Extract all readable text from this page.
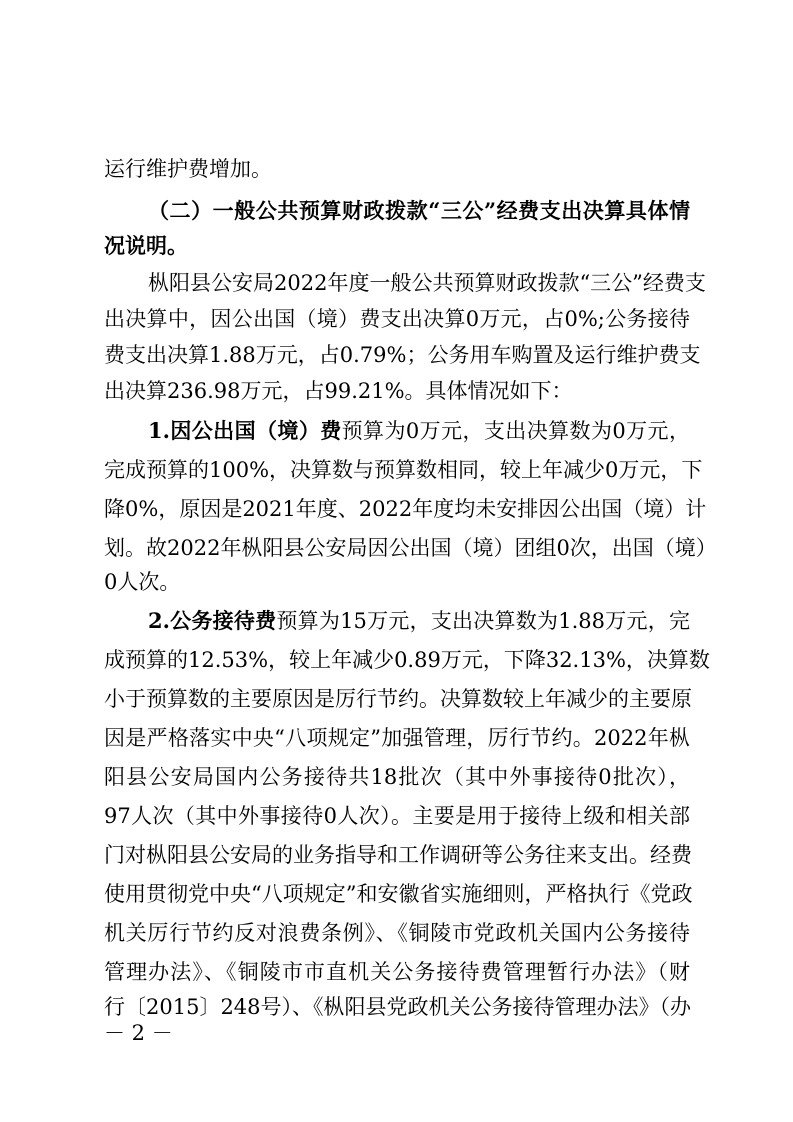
运行维护费增加。
（二）一般公共预算财政拨款“三公”经费支出决算具体情
况说明。
枞阳县公安局2022年度一般公共预算财政拨款“三公”经费支
出决算中，因公出国（境）费支出决算0万元，占0%;公务接待
费支出决算1.88万元，占0.79%；公务用车购置及运行维护费支
出决算236.98万元，占99.21%。具体情况如下：
1.因公出国（境）费预算为0万元，支出决算数为0万元，
完成预算的100%，决算数与预算数相同，较上年减少0万元，下
降0%，原因是2021年度、2022年度均未安排因公出国（境）计
划。故2022年枞阳县公安局因公出国（境）团组0次，出国（境）
0人次。
2.公务接待费预算为15万元，支出决算数为1.88万元，完
成预算的12.53%，较上年减少0.89万元，下降32.13%，决算数
小于预算数的主要原因是厉行节约。决算数较上年减少的主要原
因是严格落实中央“八项规定”加强管理，厉行节约。2022年枞
阳县公安局国内公务接待共18批次（其中外事接待0批次），
97人次（其中外事接待0人次）。主要是用于接待上级和相关部
门对枞阳县公安局的业务指导和工作调研等公务往来支出。经费
使用贯彻党中央“八项规定”和安徽省实施细则，严格执行《党政
机关厉行节约反对浪费条例》、《铜陵市党政机关国内公务接待
管理办法》、《铜陵市市直机关公务接待费管理暂行办法》（财
行〔2015〕248号）、《枞阳县党政机关公务接待管理办法》（办
－ 2 －
